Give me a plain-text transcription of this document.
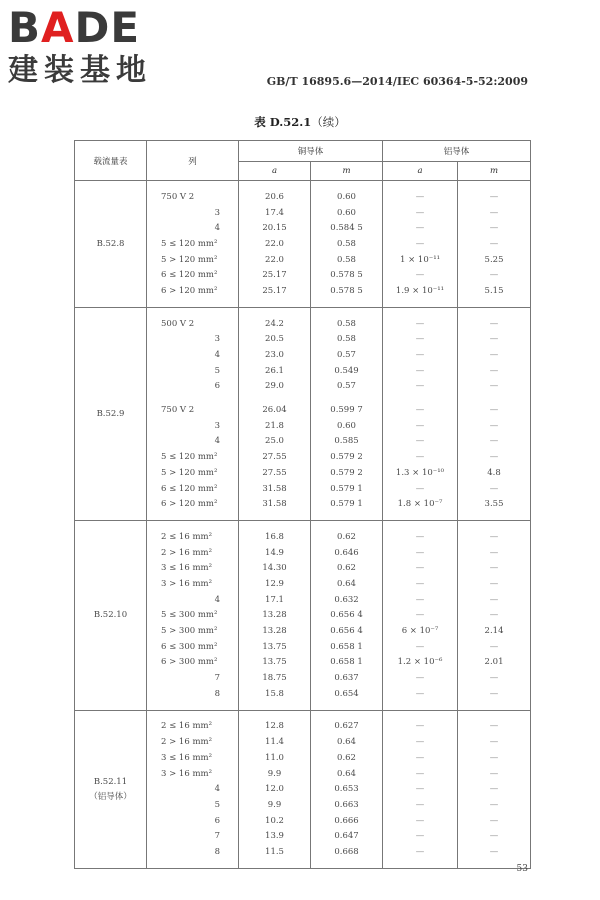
BADE
建装基地	GB/T 16895.6—2014/IEC 60364-5-52:2009
表 D.52.1（续）
载流量表	列	铜导体		铝导体	
		a	m	a	m

B.52.8					

	750 V 2	20.6	0.60	—	—
	3	17.4	0.60	—	—
	4	20.15	0.584 5	—	—
	5 ≤ 120 mm²	22.0	0.58	—	—
	5 > 120 mm²	22.0	0.58	1 × 10⁻¹¹	5.25
	6 ≤ 120 mm²	25.17	0.578 5	—	—
	6 > 120 mm²	25.17	0.578 5	1.9 × 10⁻¹¹	5.15

B.52.9					

	500 V 2	24.2	0.58	—	—
	3	20.5	0.58	—	—
	4	23.0	0.57	—	—
	5	26.1	0.549	—	—
	6	29.0	0.57	—	—

	750 V 2	26.04	0.599 7	—	—
	3	21.8	0.60	—	—
	4	25.0	0.585	—	—
	5 ≤ 120 mm²	27.55	0.579 2	—	—
	5 > 120 mm²	27.55	0.579 2	1.3 × 10⁻¹⁰	4.8
	6 ≤ 120 mm²	31.58	0.579 1	—	—
	6 > 120 mm²	31.58	0.579 1	1.8 × 10⁻⁷	3.55

B.52.10					

	2 ≤ 16 mm²	16.8	0.62	—	—
	2 > 16 mm²	14.9	0.646	—	—
	3 ≤ 16 mm²	14.30	0.62	—	—
	3 > 16 mm²	12.9	0.64	—	—
	4	17.1	0.632	—	—
	5 ≤ 300 mm²	13.28	0.656 4	—	—
	5 > 300 mm²	13.28	0.656 4	6 × 10⁻⁷	2.14
	6 ≤ 300 mm²	13.75	0.658 1	—	—
	6 > 300 mm²	13.75	0.658 1	1.2 × 10⁻⁶	2.01
	7	18.75	0.637	—	—
	8	15.8	0.654	—	—

B.52.11
（铝导体）					

	2 ≤ 16 mm²	12.8	0.627	—	—
	2 > 16 mm²	11.4	0.64	—	—
	3 ≤ 16 mm²	11.0	0.62	—	—
	3 > 16 mm²	9.9	0.64	—	—
	4	12.0	0.653	—	—
	5	9.9	0.663	—	—
	6	10.2	0.666	—	—
	7	13.9	0.647	—	—
	8	11.5	0.668	—	—

53
